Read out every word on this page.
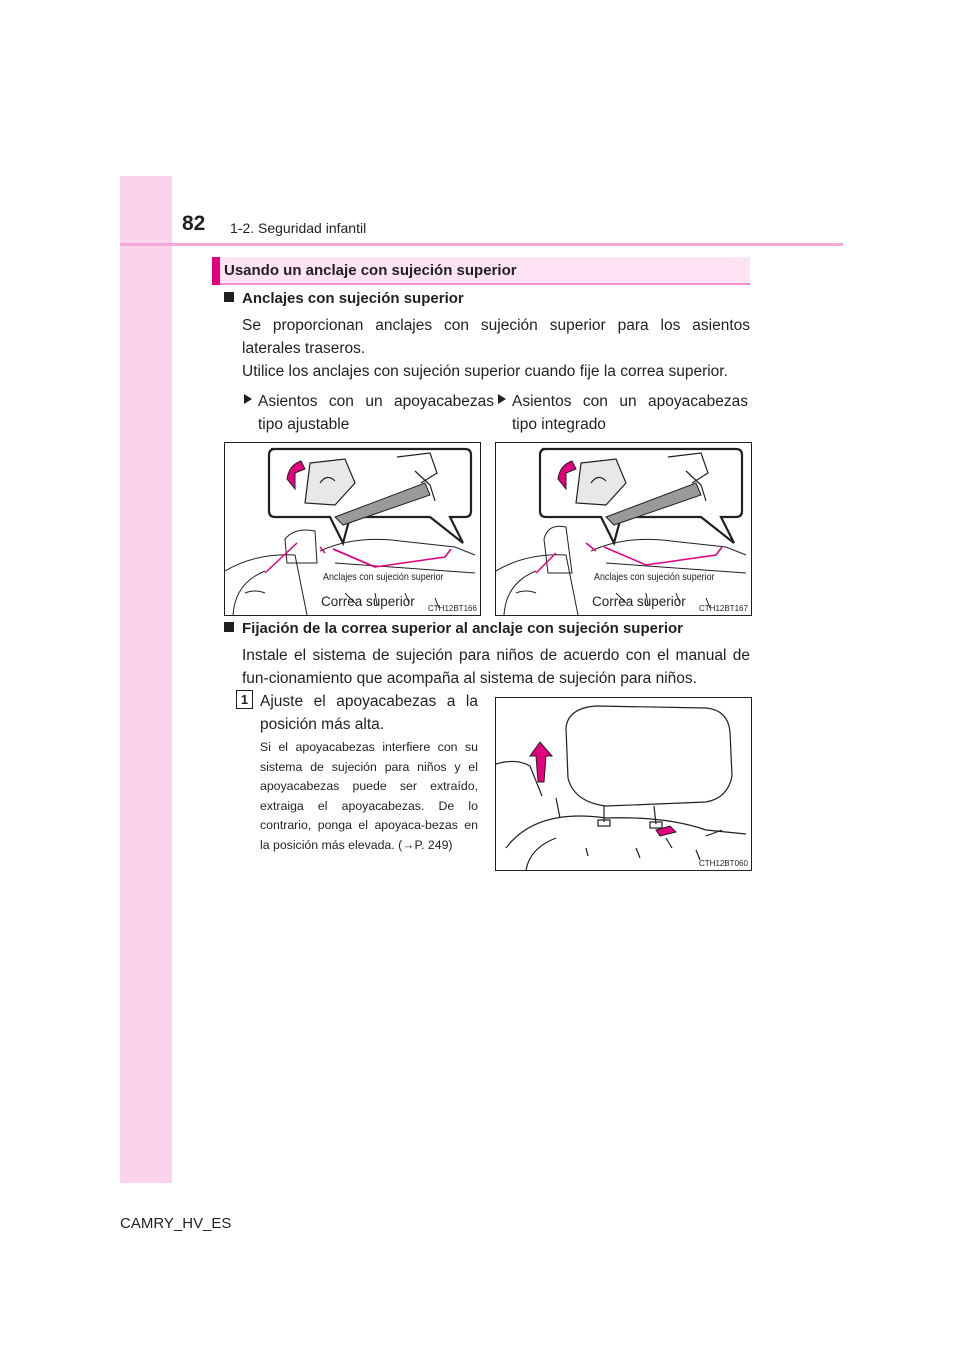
82 1-2. Seguridad infantil
Usando un anclaje con sujeción superior
Anclajes con sujeción superior

Se proporcionan anclajes con sujeción superior para los asientos laterales traseros.

Utilice los anclajes con sujeción superior cuando fije la correa superior.

Asientos con un apoyacabezas tipo ajustable
Asientos con un apoyacabezas tipo integrado
Anclajes con sujeción superior
Correa superior CTH12BT166
Anclajes con sujeción superior
Correa superior CTH12BT167
Fijación de la correa superior al anclaje con sujeción superior

Instale el sistema de sujeción para niños de acuerdo con el manual de fun-cionamiento que acompaña al sistema de sujeción para niños.

1 Ajuste el apoyacabezas a la posición más alta.
Si el apoyacabezas interfiere con su sistema de sujeción para niños y el apoyacabezas puede ser extraído, extraiga el apoyacabezas. De lo contrario, ponga el apoyaca-bezas en la posición más elevada. (→P. 249)
CTH12BT060
CAMRY_HV_ES
